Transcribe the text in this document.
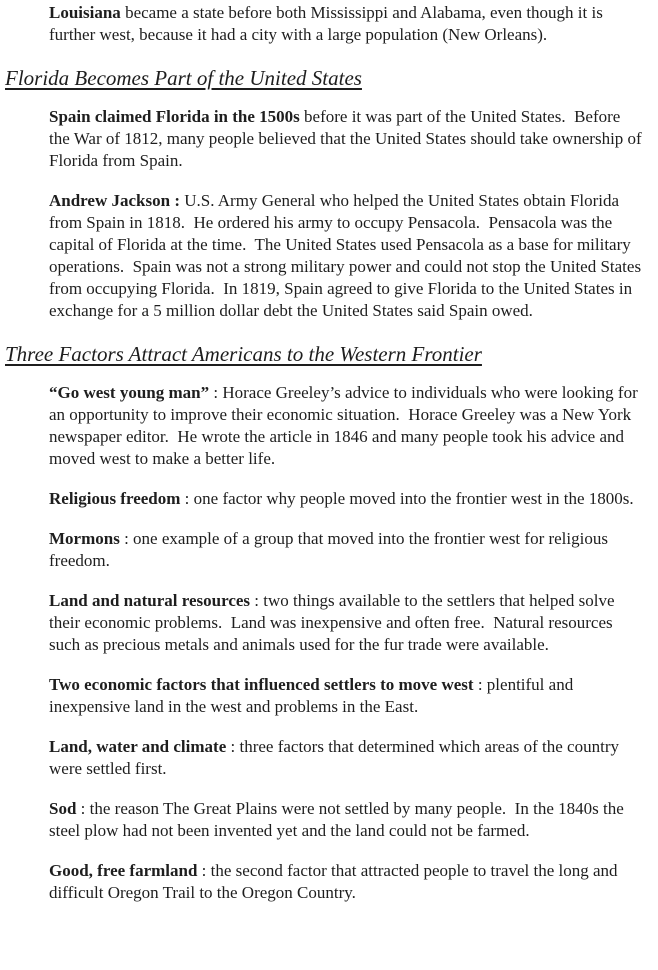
Louisiana became a state before both Mississippi and Alabama, even though it is further west, because it had a city with a large population (New Orleans).

Florida Becomes Part of the United States

Spain claimed Florida in the 1500s before it was part of the United States.  Before the War of 1812, many people believed that the United States should take ownership of Florida from Spain.

Andrew Jackson : U.S. Army General who helped the United States obtain Florida from Spain in 1818.  He ordered his army to occupy Pensacola.  Pensacola was the capital of Florida at the time.  The United States used Pensacola as a base for military operations.  Spain was not a strong military power and could not stop the United States from occupying Florida.  In 1819, Spain agreed to give Florida to the United States in exchange for a 5 million dollar debt the United States said Spain owed.

Three Factors Attract Americans to the Western Frontier

“Go west young man” : Horace Greeley’s advice to individuals who were looking for an opportunity to improve their economic situation.  Horace Greeley was a New York newspaper editor.  He wrote the article in 1846 and many people took his advice and moved west to make a better life.

Religious freedom : one factor why people moved into the frontier west in the 1800s.

Mormons : one example of a group that moved into the frontier west for religious freedom.

Land and natural resources : two things available to the settlers that helped solve their economic problems.  Land was inexpensive and often free.  Natural resources such as precious metals and animals used for the fur trade were available.

Two economic factors that influenced settlers to move west : plentiful and inexpensive land in the west and problems in the East.

Land, water and climate : three factors that determined which areas of the country were settled first.

Sod : the reason The Great Plains were not settled by many people.  In the 1840s the steel plow had not been invented yet and the land could not be farmed.

Good, free farmland : the second factor that attracted people to travel the long and difficult Oregon Trail to the Oregon Country.
